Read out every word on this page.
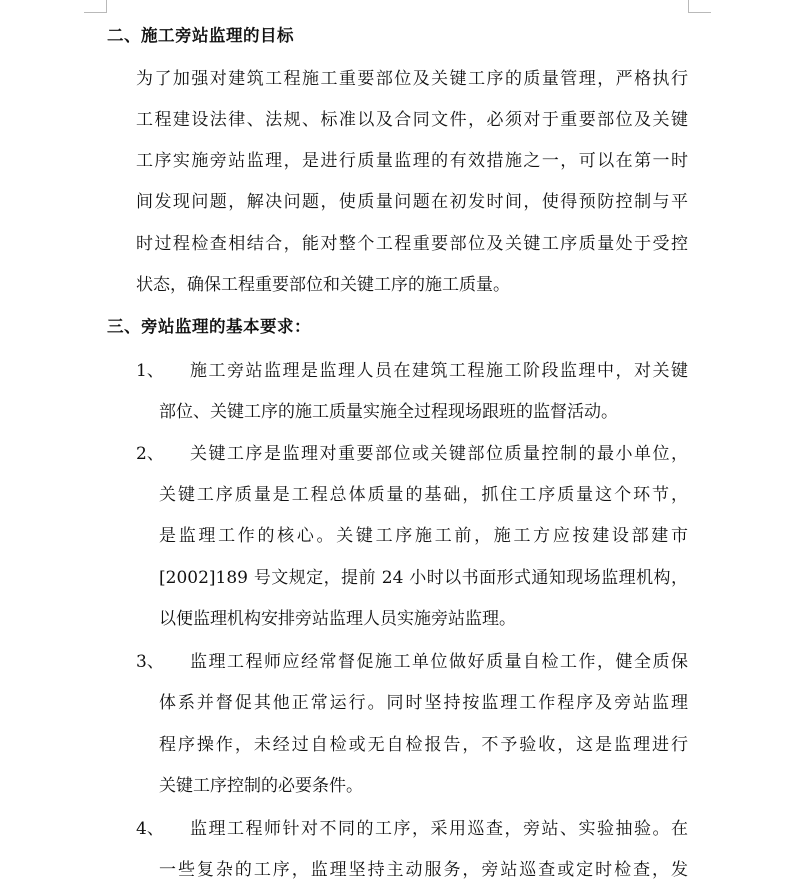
二、施工旁站监理的目标
为了加强对建筑工程施工重要部位及关键工序的质量管理，严格执行
工程建设法律、法规、标准以及合同文件，必须对于重要部位及关键
工序实施旁站监理，是进行质量监理的有效措施之一，可以在第一时
间发现问题，解决问题，使质量问题在初发时间，使得预防控制与平
时过程检查相结合，能对整个工程重要部位及关键工序质量处于受控
状态，确保工程重要部位和关键工序的施工质量。
三、旁站监理的基本要求：
1、 施工旁站监理是监理人员在建筑工程施工阶段监理中，对关键
部位、关键工序的施工质量实施全过程现场跟班的监督活动。
2、 关键工序是监理对重要部位或关键部位质量控制的最小单位，
关键工序质量是工程总体质量的基础，抓住工序质量这个环节，
是监理工作的核心。关键工序施工前，施工方应按建设部建市
[2002]189 号文规定，提前 24 小时以书面形式通知现场监理机构，
以便监理机构安排旁站监理人员实施旁站监理。
3、 监理工程师应经常督促施工单位做好质量自检工作，健全质保
体系并督促其他正常运行。同时坚持按监理工作程序及旁站监理
程序操作，未经过自检或无自检报告，不予验收，这是监理进行
关键工序控制的必要条件。
4、 监理工程师针对不同的工序，采用巡查，旁站、实验抽验。在
一些复杂的工序，监理坚持主动服务，旁站巡查或定时检查，发
